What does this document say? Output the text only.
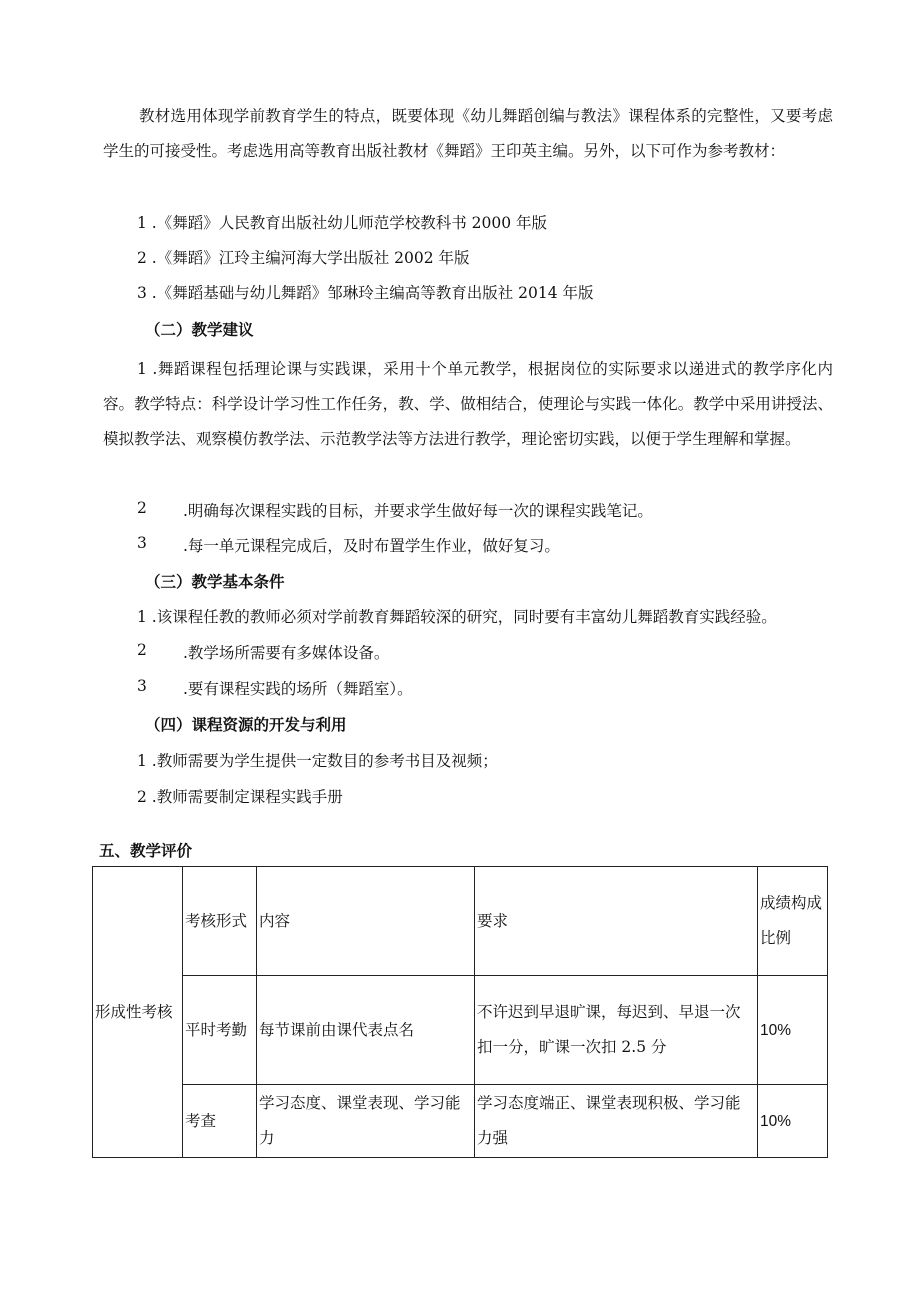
教材选用体现学前教育学生的特点，既要体现《幼儿舞蹈创编与教法》课程体系的完整性，又要考虑学生的可接受性。考虑选用高等教育出版社教材《舞蹈》王印英主编。另外，以下可作为参考教材：
1 .《舞蹈》人民教育出版社幼儿师范学校教科书 2000 年版
2 .《舞蹈》江玲主编河海大学出版社 2002 年版
3 .《舞蹈基础与幼儿舞蹈》邹琳玲主编高等教育出版社 2014 年版
（二）教学建议
1 .舞蹈课程包括理论课与实践课，采用十个单元教学，根据岗位的实际要求以递进式的教学序化内容。教学特点：科学设计学习性工作任务，教、学、做相结合，使理论与实践一体化。教学中采用讲授法、模拟教学法、观察模仿教学法、示范教学法等方法进行教学，理论密切实践，以便于学生理解和掌握。
2 .明确每次课程实践的目标，并要求学生做好每一次的课程实践笔记。
3 .每一单元课程完成后，及时布置学生作业，做好复习。
（三）教学基本条件
1 .该课程任教的教师必须对学前教育舞蹈较深的研究，同时要有丰富幼儿舞蹈教育实践经验。
2 .教学场所需要有多媒体设备。
3 .要有课程实践的场所（舞蹈室）。
（四）课程资源的开发与利用
1 .教师需要为学生提供一定数目的参考书目及视频；
2 .教师需要制定课程实践手册
五、教学评价
形成性考核	考核形式	内容	要求	成绩构成比例
	平时考勤	每节课前由课代表点名	不许迟到早退旷课，每迟到、早退一次扣一分，旷课一次扣 2.5 分	10%
	考查	学习态度、课堂表现、学习能力	学习态度端正、课堂表现积极、学习能力强	10%
